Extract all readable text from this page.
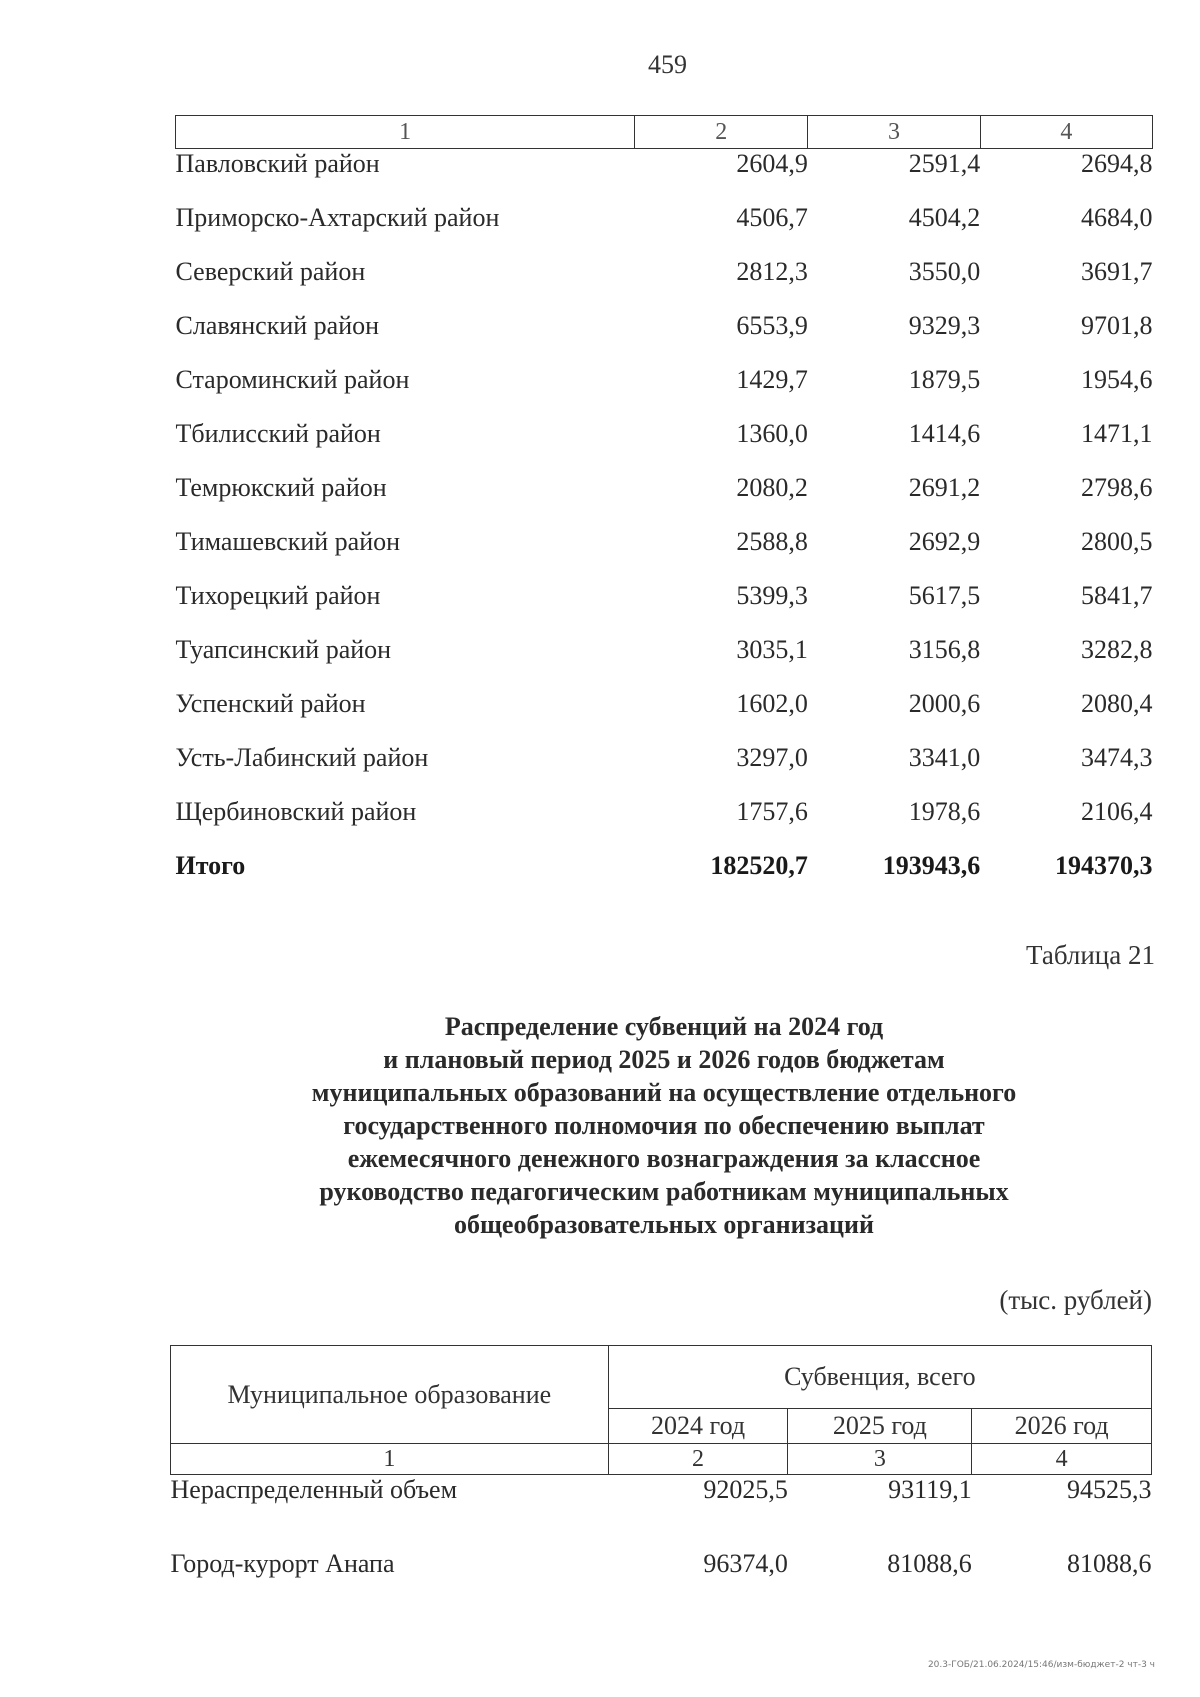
459
1	2	3	4
Павловский район	2604,9	2591,4	2694,8
Приморско-Ахтарский район	4506,7	4504,2	4684,0
Северский район	2812,3	3550,0	3691,7
Славянский район	6553,9	9329,3	9701,8
Староминский район	1429,7	1879,5	1954,6
Тбилисский район	1360,0	1414,6	1471,1
Темрюкский район	2080,2	2691,2	2798,6
Тимашевский район	2588,8	2692,9	2800,5
Тихорецкий район	5399,3	5617,5	5841,7
Туапсинский район	3035,1	3156,8	3282,8
Успенский район	1602,0	2000,6	2080,4
Усть-Лабинский район	3297,0	3341,0	3474,3
Щербиновский район	1757,6	1978,6	2106,4
Итого	182520,7	193943,6	194370,3
Таблица 21
Распределение субвенций на 2024 год
и плановый период 2025 и 2026 годов бюджетам
муниципальных образований на осуществление отдельного
государственного полномочия по обеспечению выплат
ежемесячного денежного вознаграждения за классное
руководство педагогическим работникам муниципальных
общеобразовательных организаций
(тыс. рублей)
Муниципальное образование	Субвенция, всего		
	2024 год	2025 год	2026 год
1	2	3	4
Нераспределенный объем	92025,5	93119,1	94525,3
Город-курорт Анапа	96374,0	81088,6	81088,6
20.3-ГОБ/21.06.2024/15:46/изм-бюджет-2 чт-3 ч
